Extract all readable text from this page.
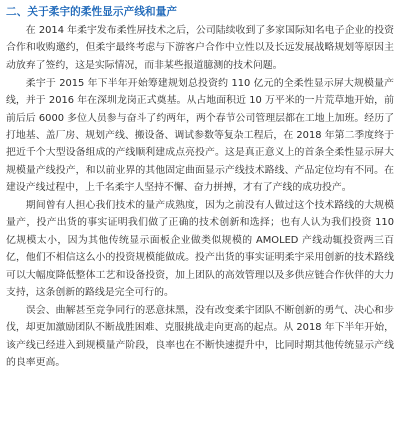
二、关于柔宇的柔性显示产线和量产

在 2014 年柔宇发布柔性屏技术之后，公司陆续收到了多家国际知名电子企业的投资合作和收购邀约，但柔宇最终考虑与下游客户合作中立性以及长远发展战略规划等原因主动放弃了签约，这是实际情况，而非某些报道臆测的技术问题。

柔宇于 2015 年下半年开始筹建规划总投资约 110 亿元的全柔性显示屏大规模量产线，并于 2016 年在深圳龙岗正式奠基。从占地面积近 10 万平米的一片荒草地开始，前前后后 6000 多位人员参与奋斗了约两年，两个春节公司管理层都在工地上加班。经历了打地基、盖厂房、规划产线、搬设备、调试参数等复杂工程后，在 2018 年第二季度终于把近千个大型设备组成的产线顺利建成点亮投产。这是真正意义上的首条全柔性显示屏大规模量产线投产，和以前业界的其他固定曲面显示产线技术路线、产品定位均有不同。在建设产线过程中，上千名柔宇人坚持不懈、奋力拼搏，才有了产线的成功投产。

期间曾有人担心我们技术的量产成熟度，因为之前没有人做过这个技术路线的大规模量产，投产出货的事实证明我们做了正确的技术创新和选择；也有人认为我们投资 110 亿规模太小，因为其他传统显示面板企业做类似规模的 AMOLED 产线动辄投资两三百亿，他们不相信这么小的投资规模能做成。投产出货的事实证明柔宇采用创新的技术路线可以大幅度降低整体工艺和设备投资，加上团队的高效管理以及多供应链合作伙伴的大力支持，这条创新的路线是完全可行的。

误会、曲解甚至竞争同行的恶意抹黑，没有改变柔宇团队不断创新的勇气、决心和步伐，却更加激励团队不断战胜困难、克服挑战走向更高的起点。从 2018 年下半年开始，该产线已经进入到规模量产阶段，良率也在不断快速提升中，比同时期其他传统显示产线的良率更高。
